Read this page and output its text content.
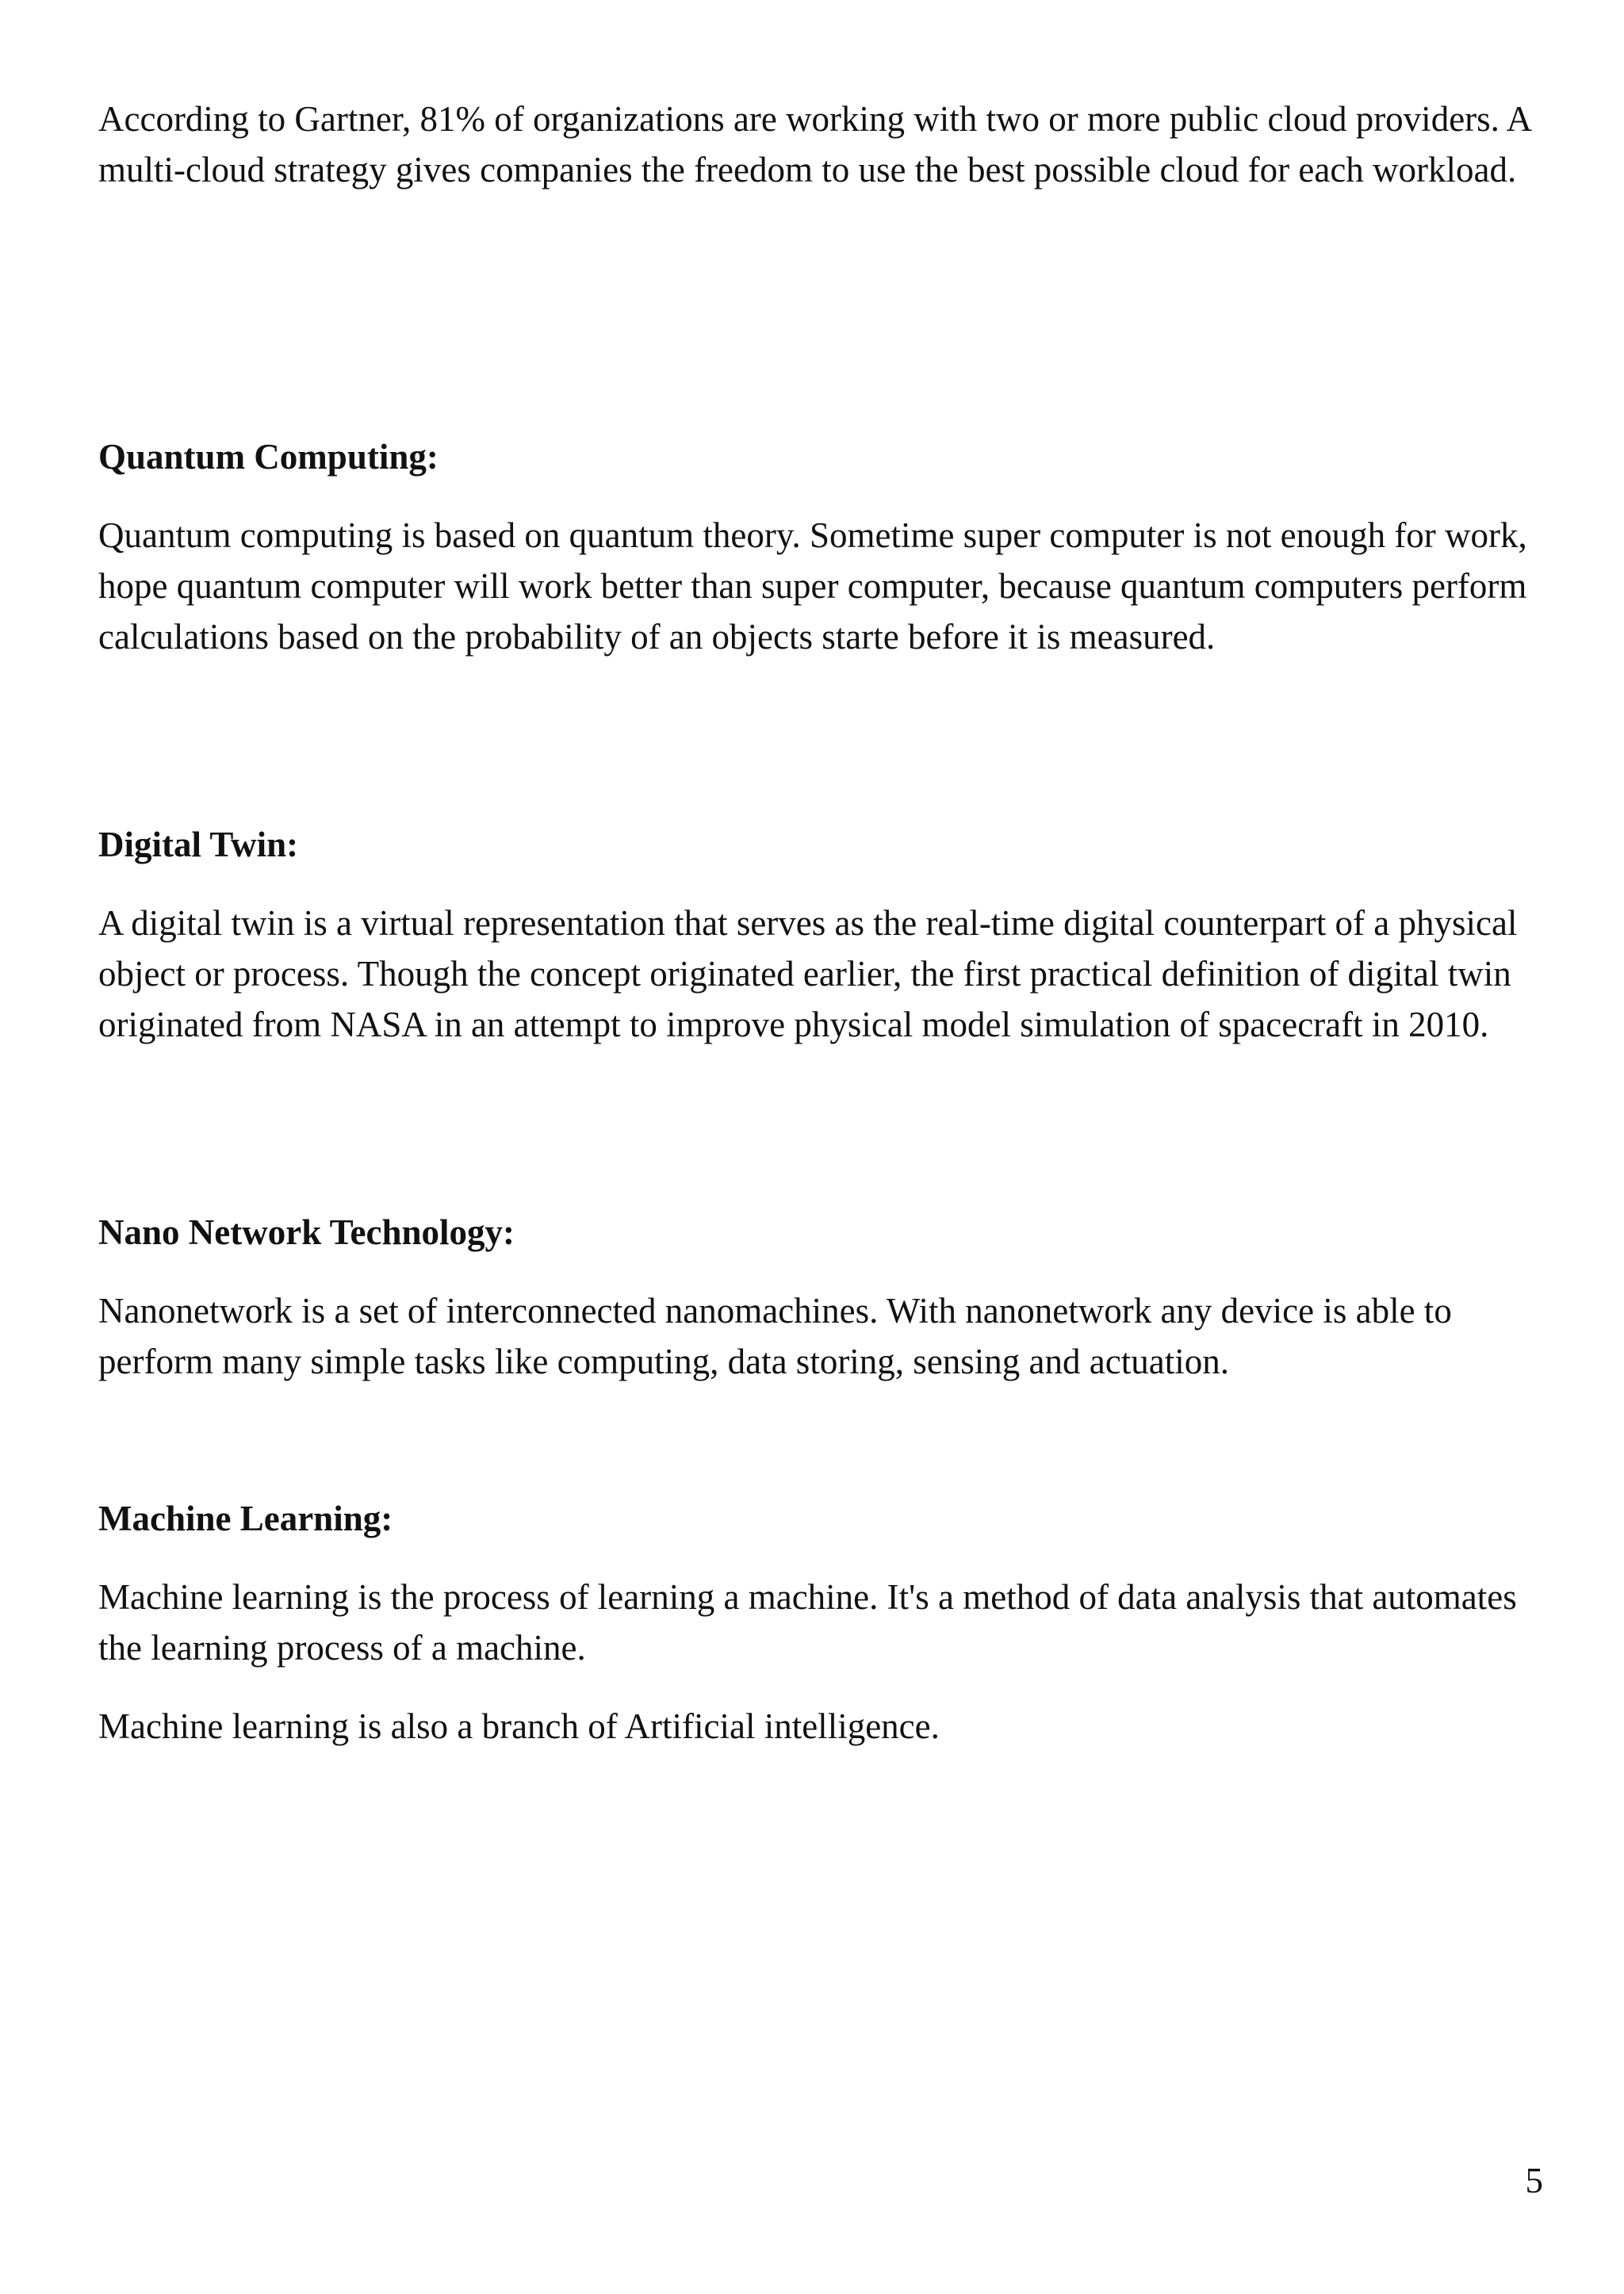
According to Gartner, 81% of organizations are working with two or more public cloud providers. A multi-cloud strategy gives companies the freedom to use the best possible cloud for each workload.

Quantum Computing:

Quantum computing is based on quantum theory. Sometime super computer is not enough for work, hope quantum computer will work better than super computer, because quantum computers perform calculations based on the probability of an objects starte before it is measured.

Digital Twin:

A digital twin is a virtual representation that serves as the real-time digital counterpart of a physical object or process. Though the concept originated earlier, the first practical definition of digital twin originated from NASA in an attempt to improve physical model simulation of spacecraft in 2010.

Nano Network Technology:

Nanonetwork is a set of interconnected nanomachines. With nanonetwork any device is able to perform many simple tasks like computing, data storing, sensing and actuation.

Machine Learning:

Machine learning is the process of learning a machine. It's a method of data analysis that automates the learning process of a machine.

Machine learning is also a branch of Artificial intelligence.

5
